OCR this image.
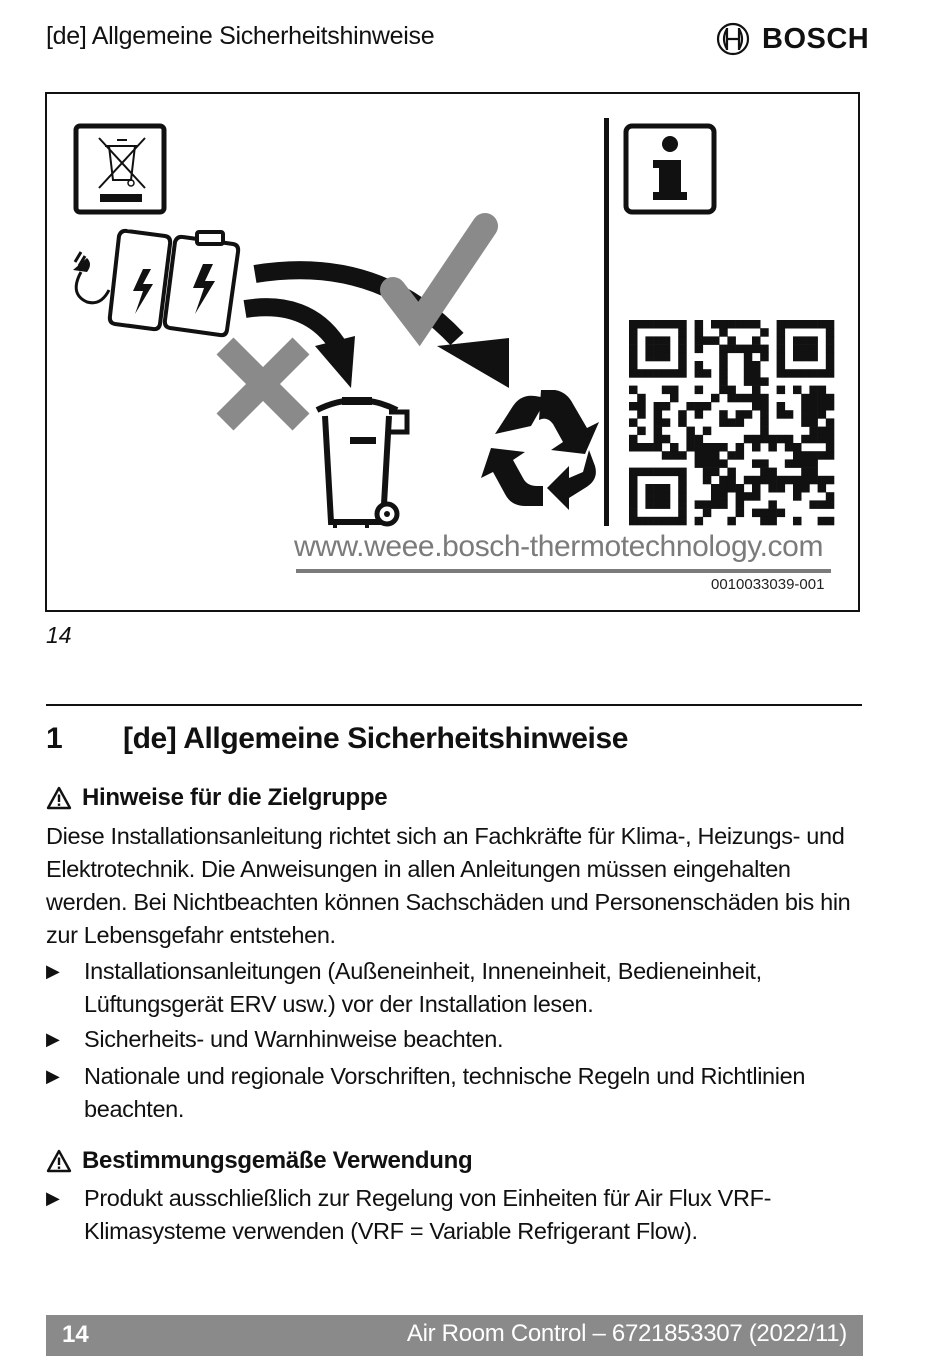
[de] Allgemeine Sicherheitshinweise	BOSCH
www.weee.bosch-thermotechnology.com
0010033039-001
14
1 [de] Allgemeine Sicherheitshinweise
Hinweise für die Zielgruppe
Diese Installationsanleitung richtet sich an Fachkräfte für Klima-, Heizungs- und Elektrotechnik. Die Anweisungen in allen Anleitungen müssen eingehalten werden. Bei Nichtbeachten können Sachschäden und Personenschäden bis hin zur Lebensgefahr entstehen.
▶ Installationsanleitungen (Außeneinheit, Inneneinheit, Bedieneinheit, Lüftungsgerät ERV usw.) vor der Installation lesen.
▶ Sicherheits- und Warnhinweise beachten.
▶ Nationale und regionale Vorschriften, technische Regeln und Richtlinien beachten.
Bestimmungsgemäße Verwendung
▶ Produkt ausschließlich zur Regelung von Einheiten für Air Flux VRF-Klimasysteme verwenden (VRF = Variable Refrigerant Flow).
14	Air Room Control – 6721853307 (2022/11)
